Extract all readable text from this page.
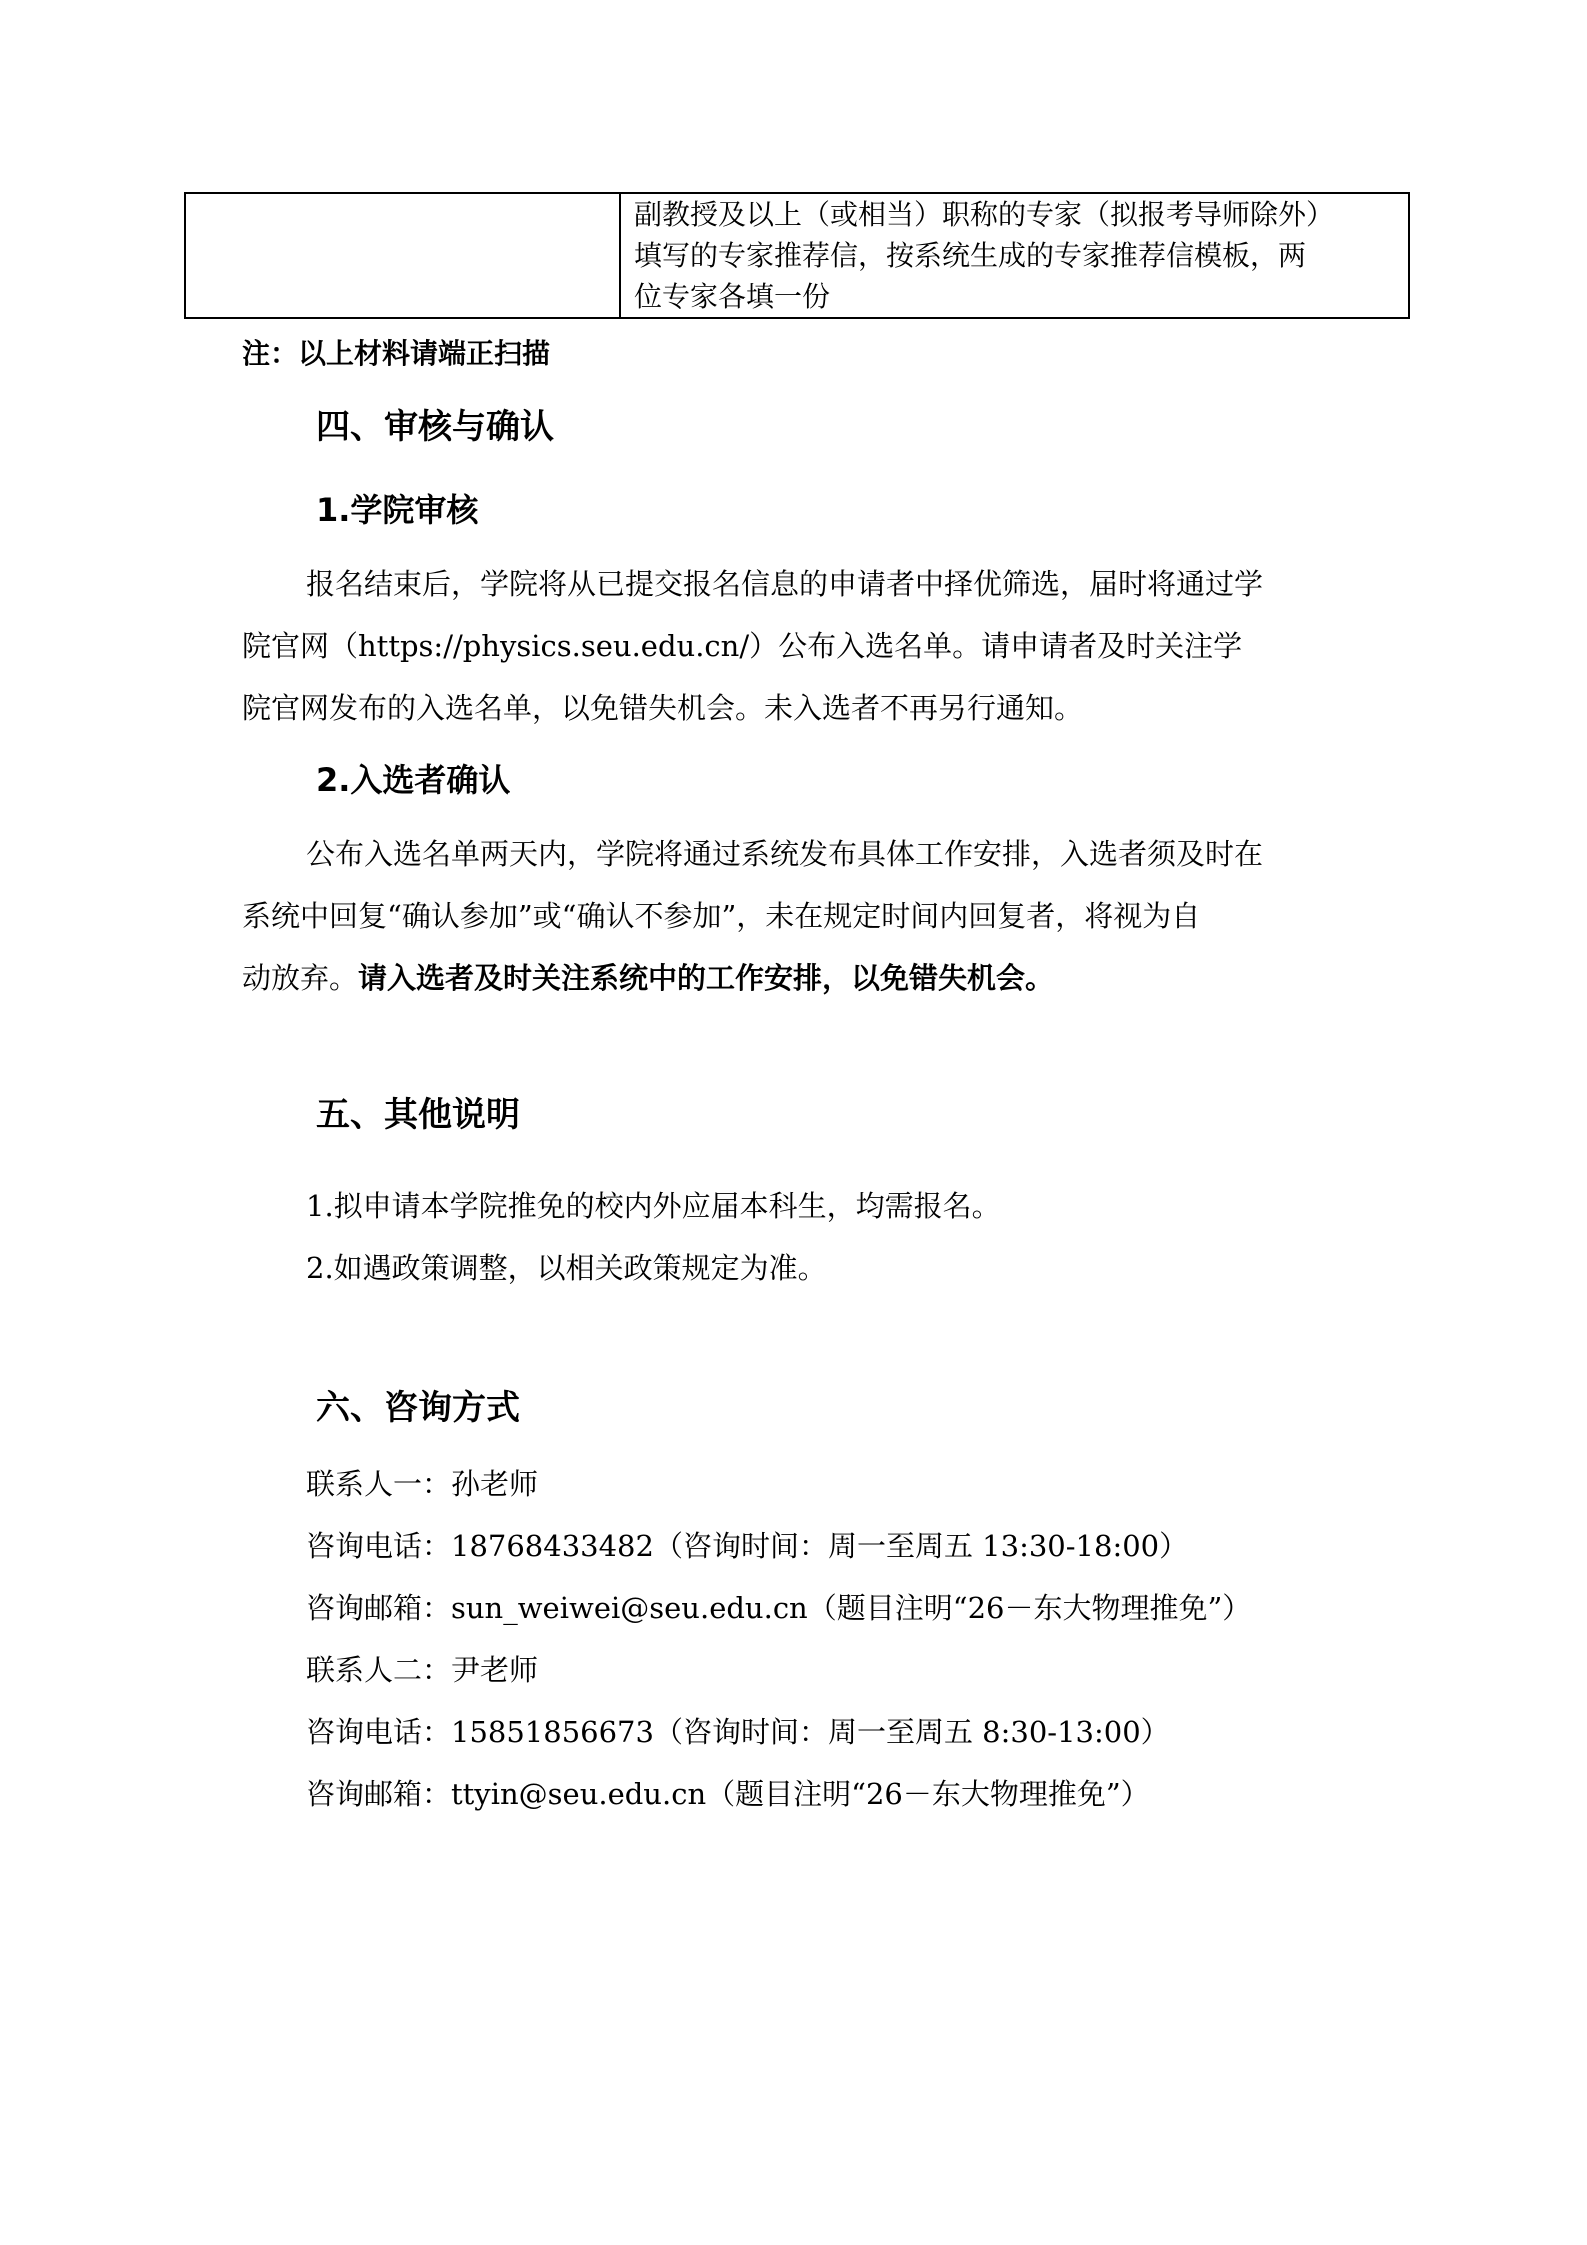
副教授及以上（或相当）职称的专家（拟报考导师除外）
填写的专家推荐信，按系统生成的专家推荐信模板，两
位专家各填一份
注：以上材料请端正扫描
四、审核与确认
1.学院审核
报名结束后，学院将从已提交报名信息的申请者中择优筛选，届时将通过学
院官网（https://physics.seu.edu.cn/）公布入选名单。请申请者及时关注学
院官网发布的入选名单，以免错失机会。未入选者不再另行通知。
2.入选者确认
公布入选名单两天内，学院将通过系统发布具体工作安排，入选者须及时在
系统中回复“确认参加”或“确认不参加”，未在规定时间内回复者，将视为自
动放弃。请入选者及时关注系统中的工作安排，以免错失机会。
五、其他说明
1.拟申请本学院推免的校内外应届本科生，均需报名。
2.如遇政策调整，以相关政策规定为准。
六、咨询方式
联系人一：孙老师
咨询电话：18768433482（咨询时间：周一至周五 13:30-18:00）
咨询邮箱：sun_weiwei@seu.edu.cn（题目注明“26－东大物理推免”）
联系人二：尹老师
咨询电话：15851856673（咨询时间：周一至周五 8:30-13:00）
咨询邮箱：ttyin@seu.edu.cn（题目注明“26－东大物理推免”）
